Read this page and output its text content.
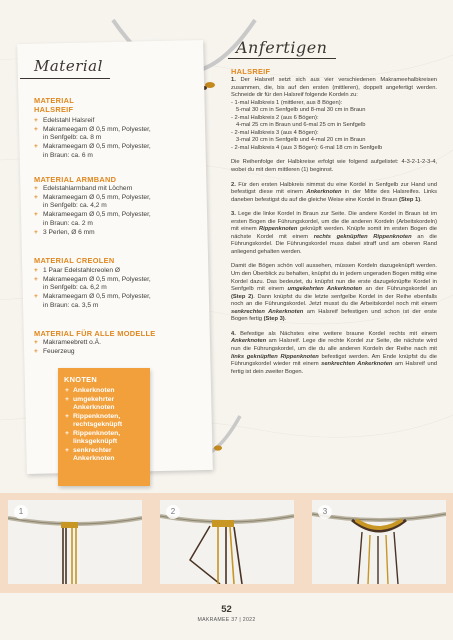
Material
MATERIAL
HALSREIF
+ Edelstahl Halsreif
+ Makrameegarn Ø 0,5 mm, Polyester,
in Senfgelb: ca. 8 m
+ Makrameegarn Ø 0,5 mm, Polyester,
in Braun: ca. 6 m
MATERIAL ARMBAND
+ Edelstahlarmband mit Löchern
+ Makrameegarn Ø 0,5 mm, Polyester,
in Senfgelb: ca. 4,2 m
+ Makrameegarn Ø 0,5 mm, Polyester,
in Braun: ca. 2 m
+ 3 Perlen, Ø 6 mm
MATERIAL CREOLEN
+ 1 Paar Edelstahlcreolen Ø
+ Makrameegarn Ø 0,5 mm, Polyester,
in Senfgelb: ca. 6,2 m
+ Makrameegarn Ø 0,5 mm, Polyester,
in Braun: ca. 3,5 m
MATERIAL FÜR ALLE MODELLE
+ Makrameebrett o.Ä.
+ Feuerzeug
KNOTEN
+ Ankerknoten
+ umgekehrter
Ankerknoten
+ Rippenknoten,
rechtsgeknüpft
+ Rippenknoten,
linksgeknüpft
+ senkrechter
Ankerknoten
Anfertigen
HALSREIF

1. Der Halsreif setzt sich aus vier verschiedenen Makrameehalbkreisen zusammen, die, bis auf den ersten (mittleren), doppelt angefertigt werden. Schneide dir für den Halsreif folgende Kordeln zu:

- 1-mal Halbkreis 1 (mittlerer, aus 8 Bögen):
5-mal 30 cm in Senfgelb und 8-mal 30 cm in Braun
- 2-mal Halbkreis 2 (aus 6 Bögen):
4-mal 25 cm in Braun und 6-mal 25 cm in Senfgelb
- 2-mal Halbkreis 3 (aus 4 Bögen):
3-mal 20 cm in Senfgelb und 4-mal 20 cm in Braun
- 2-mal Halbkreis 4 (aus 3 Bögen): 6-mal 18 cm in Senfgelb

Die Reihenfolge der Halbkreise erfolgt wie folgend aufgelistet: 4-3-2-1-2-3-4, wobei du mit dem mittleren (1) beginnst.

2. Für den ersten Halbkreis nimmst du eine Kordel in Senfgelb zur Hand und befestigst diese mit einem Ankerknoten in der Mitte des Halsreifes. Links daneben befestigst du auf die gleiche Weise eine Kordel in Braun (Step 1).

3. Lege die linke Kordel in Braun zur Seite. Die andere Kordel in Braun ist im ersten Bogen die Führungskordel, um die die anderen Kordeln (Arbeitskordeln) mit einem Rippenknoten geknüpft werden. Knüpfe somit im ersten Bogen die nächste Kordel mit einem rechts geknüpften Rippenknoten an die Führungskordel. Die Führungskordel muss dabei straff und am oberen Rand anliegend gehalten werden.

Damit die Bögen schön voll aussehen, müssen Kordeln dazugeknüpft werden. Um den Überblick zu behalten, knüpfst du in jedem ungeraden Bogen mittig eine Kordel dazu. Das bedeutet, du knüpfst nun die erste dazugeknüpfte Kordel in Senfgelb mit einem umgekehrten Ankerknoten an der Führungskordel an (Step 2). Dann knüpfst du die letzte senfgelbe Kordel in der Reihe ebenfalls noch an die Führungskordel. Jetzt musst du die Arbeitskordel noch mit einem senkrechten Ankerknoten am Halsreif befestigen und schon ist der erste Bogen fertig (Step 3).

4. Befestige als Nächstes eine weitere braune Kordel rechts mit einem Ankerknoten am Halsreif. Lege die rechte Kordel zur Seite, die nächste wird nun die Führungskordel, um die du alle anderen Kordeln der Reihe nach mit links geknüpften Rippenknoten befestigst werden. Am Ende knüpfst du die Führungskordel wieder mit einem senkrechten Ankerknoten am Halsreif und fertig ist dein zweiter Bogen.

1	2	3
52
MAKRAMEE 37 | 2022
